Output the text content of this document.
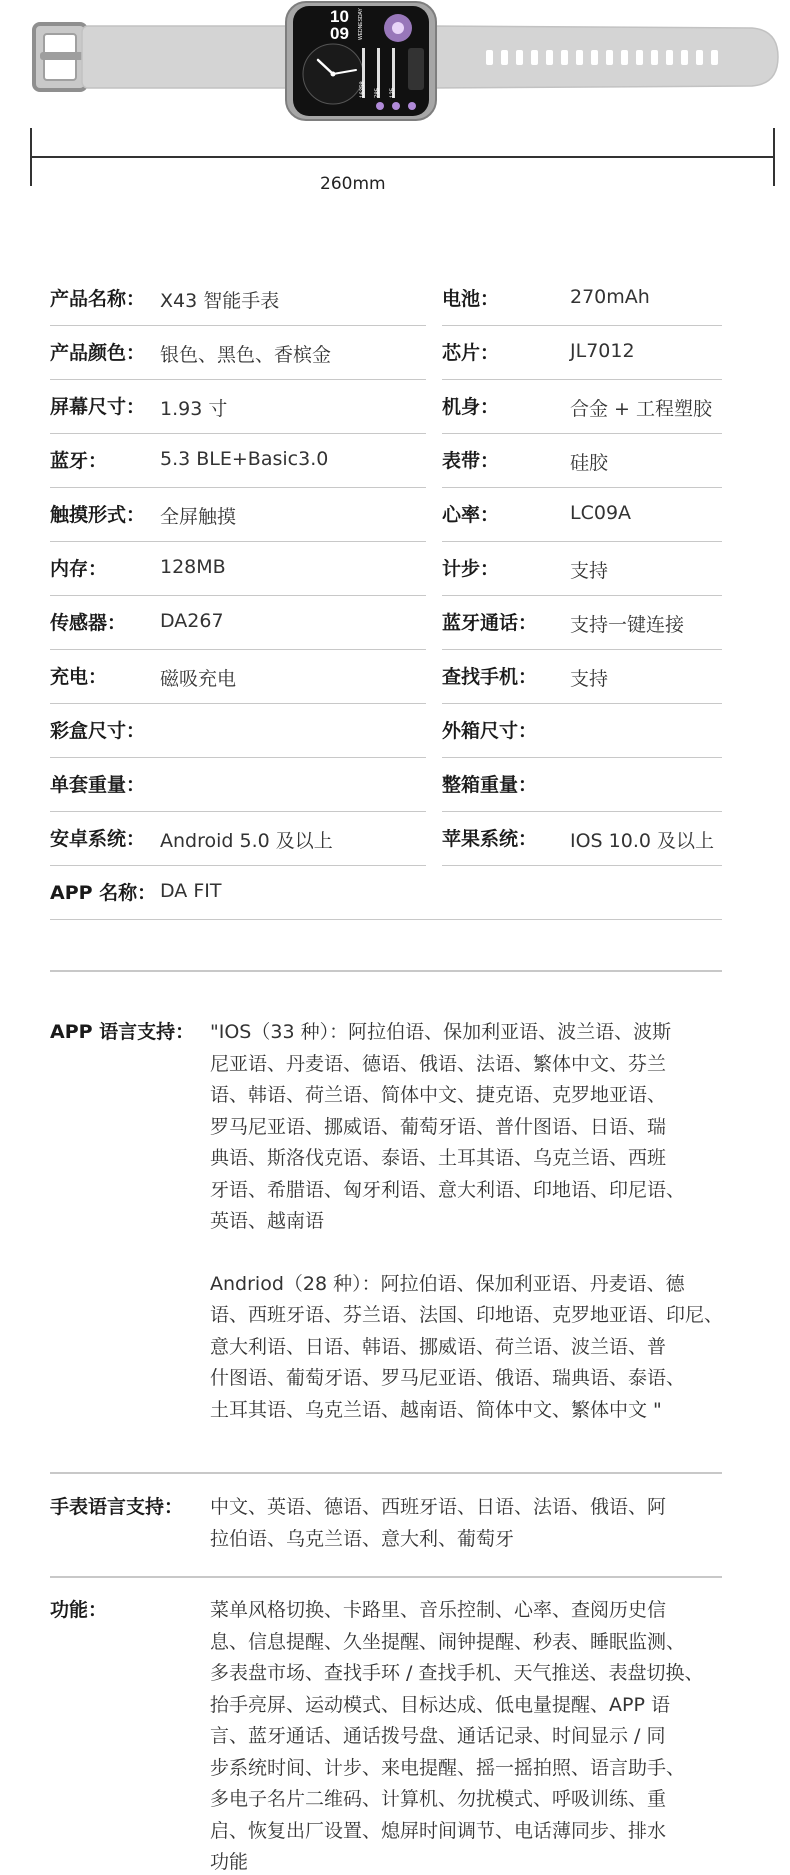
10
09 WEDNESDAY
16358 785 125
260mm
产品名称： X43 智能手表	电池：	270mAh
产品颜色： 银色、黑色、香槟金	芯片：	JL7012
屏幕尺寸： 1.93 寸	机身：	合金 + 工程塑胶
蓝牙：	5.3 BLE+Basic3.0	表带：	硅胶
触摸形式： 全屏触摸	心率：	LC09A
内存：	128MB	计步：	支持
传感器： DA267	蓝牙通话： 支持一键连接
充电：	磁吸充电	查找手机： 支持
彩盒尺寸：	外箱尺寸：
单套重量：	整箱重量：
安卓系统： Android 5.0 及以上	苹果系统： IOS 10.0 及以上
APP 名称： DA FIT
APP 语言支持： "IOS（33 种）：阿拉伯语、保加利亚语、波兰语、波斯

尼亚语、丹麦语、德语、俄语、法语、繁体中文、芬兰

语、韩语、荷兰语、简体中文、捷克语、克罗地亚语、

罗马尼亚语、挪威语、葡萄牙语、普什图语、日语、瑞

典语、斯洛伐克语、泰语、土耳其语、乌克兰语、西班

牙语、希腊语、匈牙利语、意大利语、印地语、印尼语、

英语、越南语

Andriod（28 种）：阿拉伯语、保加利亚语、丹麦语、德

语、西班牙语、芬兰语、法国、印地语、克罗地亚语、印尼、

意大利语、日语、韩语、挪威语、荷兰语、波兰语、普

什图语、葡萄牙语、罗马尼亚语、俄语、瑞典语、泰语、

土耳其语、乌克兰语、越南语、简体中文、繁体中文 "

手表语言支持： 中文、英语、德语、西班牙语、日语、法语、俄语、阿

拉伯语、乌克兰语、意大利、葡萄牙

功能：	菜单风格切换、卡路里、音乐控制、心率、查阅历史信

息、信息提醒、久坐提醒、闹钟提醒、秒表、睡眠监测、

多表盘市场、查找手环 / 查找手机、天气推送、表盘切换、

抬手亮屏、运动模式、目标达成、低电量提醒、APP 语

言、蓝牙通话、通话拨号盘、通话记录、时间显示 / 同

步系统时间、计步、来电提醒、摇一摇拍照、语言助手、

多电子名片二维码、计算机、勿扰模式、呼吸训练、重

启、恢复出厂设置、熄屏时间调节、电话薄同步、排水

功能
